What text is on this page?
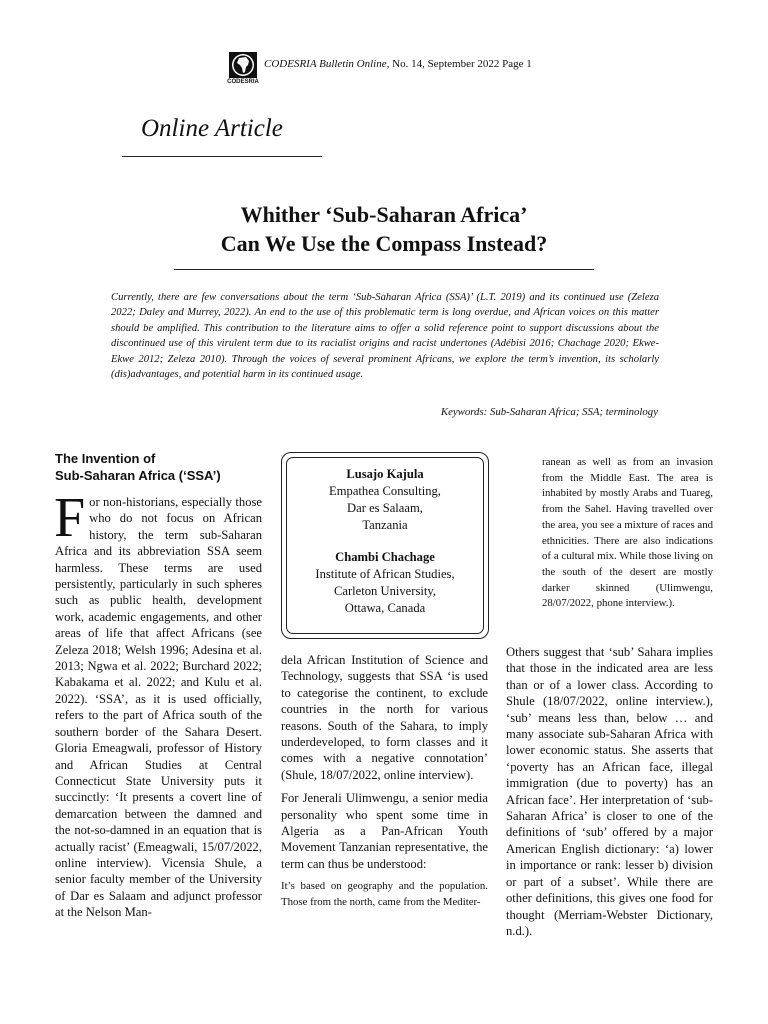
CODESRIA
CODESRIA Bulletin Online, No. 14, September 2022 Page 1
Online Article
Whither ‘Sub-Saharan Africa’
Can We Use the Compass Instead?
Currently, there are few conversations about the term ‘Sub-Saharan Africa (SSA)’ (L.T. 2019) and its continued use (Zeleza 2022; Daley and Murrey, 2022). An end to the use of this problematic term is long overdue, and African voices on this matter should be amplified. This contribution to the literature aims to offer a solid reference point to support discussions about the discontinued use of this virulent term due to its racialist origins and racist undertones (Adébisi 2016; Chachage 2020; Ekwe-Ekwe 2012; Zeleza 2010). Through the voices of several prominent Africans, we explore the term’s invention, its scholarly (dis)advantages, and potential harm in its continued usage.
Keywords: Sub-Saharan Africa; SSA; terminology
The Invention of
Sub-Saharan Africa (‘SSA’)

For non-historians, especially those who do not focus on African history, the term sub-Saharan Africa and its abbreviation SSA seem harmless. These terms are used persistently, particularly in such spheres such as public health, development work, academic engagements, and other areas of life that affect Africans (see Zeleza 2018; Welsh 1996; Adesina et al. 2013; Ngwa et al. 2022; Burchard 2022; Kabakama et al. 2022; and Kulu et al. 2022). ‘SSA’, as it is used officially, refers to the part of Africa south of the southern border of the Sahara Desert. Gloria Emeagwali, professor of History and African Studies at Central Connecticut State University puts it succinctly: ‘It presents a covert line of demarcation between the damned and the not-so-damned in an equation that is actually racist’ (Emeagwali, 15/07/2022, online interview). Vicensia Shule, a senior faculty member of the University of Dar es Salaam and adjunct professor at the Nelson Man-

Lusajo Kajula
Empathea Consulting,
Dar es Salaam,
Tanzania
Chambi Chachage
Institute of African Studies,
Carleton University,
Ottawa, Canada

dela African Institution of Science and Technology, suggests that SSA ‘is used to categorise the continent, to exclude countries in the north for various reasons. South of the Sahara, to imply underdeveloped, to form classes and it comes with a negative connotation’ (Shule, 18/07/2022, online interview).

For Jenerali Ulimwengu, a senior media personality who spent some time in Algeria as a Pan-African Youth Movement Tanzanian representative, the term can thus be understood:

It’s based on geography and the population. Those from the north, came from the Mediter-

ranean as well as from an invasion from the Middle East. The area is inhabited by mostly Arabs and Tuareg, from the Sahel. Having travelled over the area, you see a mixture of races and ethnicities. There are also indications of a cultural mix. While those living on the south of the desert are mostly darker skinned (Ulimwengu, 28/07/2022, phone interview.).

Others suggest that ‘sub’ Sahara implies that those in the indicated area are less than or of a lower class. According to Shule (18/07/2022, online interview.), ‘sub’ means less than, below … and many associate sub-Saharan Africa with lower economic status. She asserts that ‘poverty has an African face, illegal immigration (due to poverty) has an African face’. Her interpretation of ‘sub-Saharan Africa’ is closer to one of the definitions of ‘sub’ offered by a major American English dictionary: ‘a) lower in importance or rank: lesser b) division or part of a subset’. While there are other definitions, this gives one food for thought (Merriam-Webster Dictionary, n.d.).
